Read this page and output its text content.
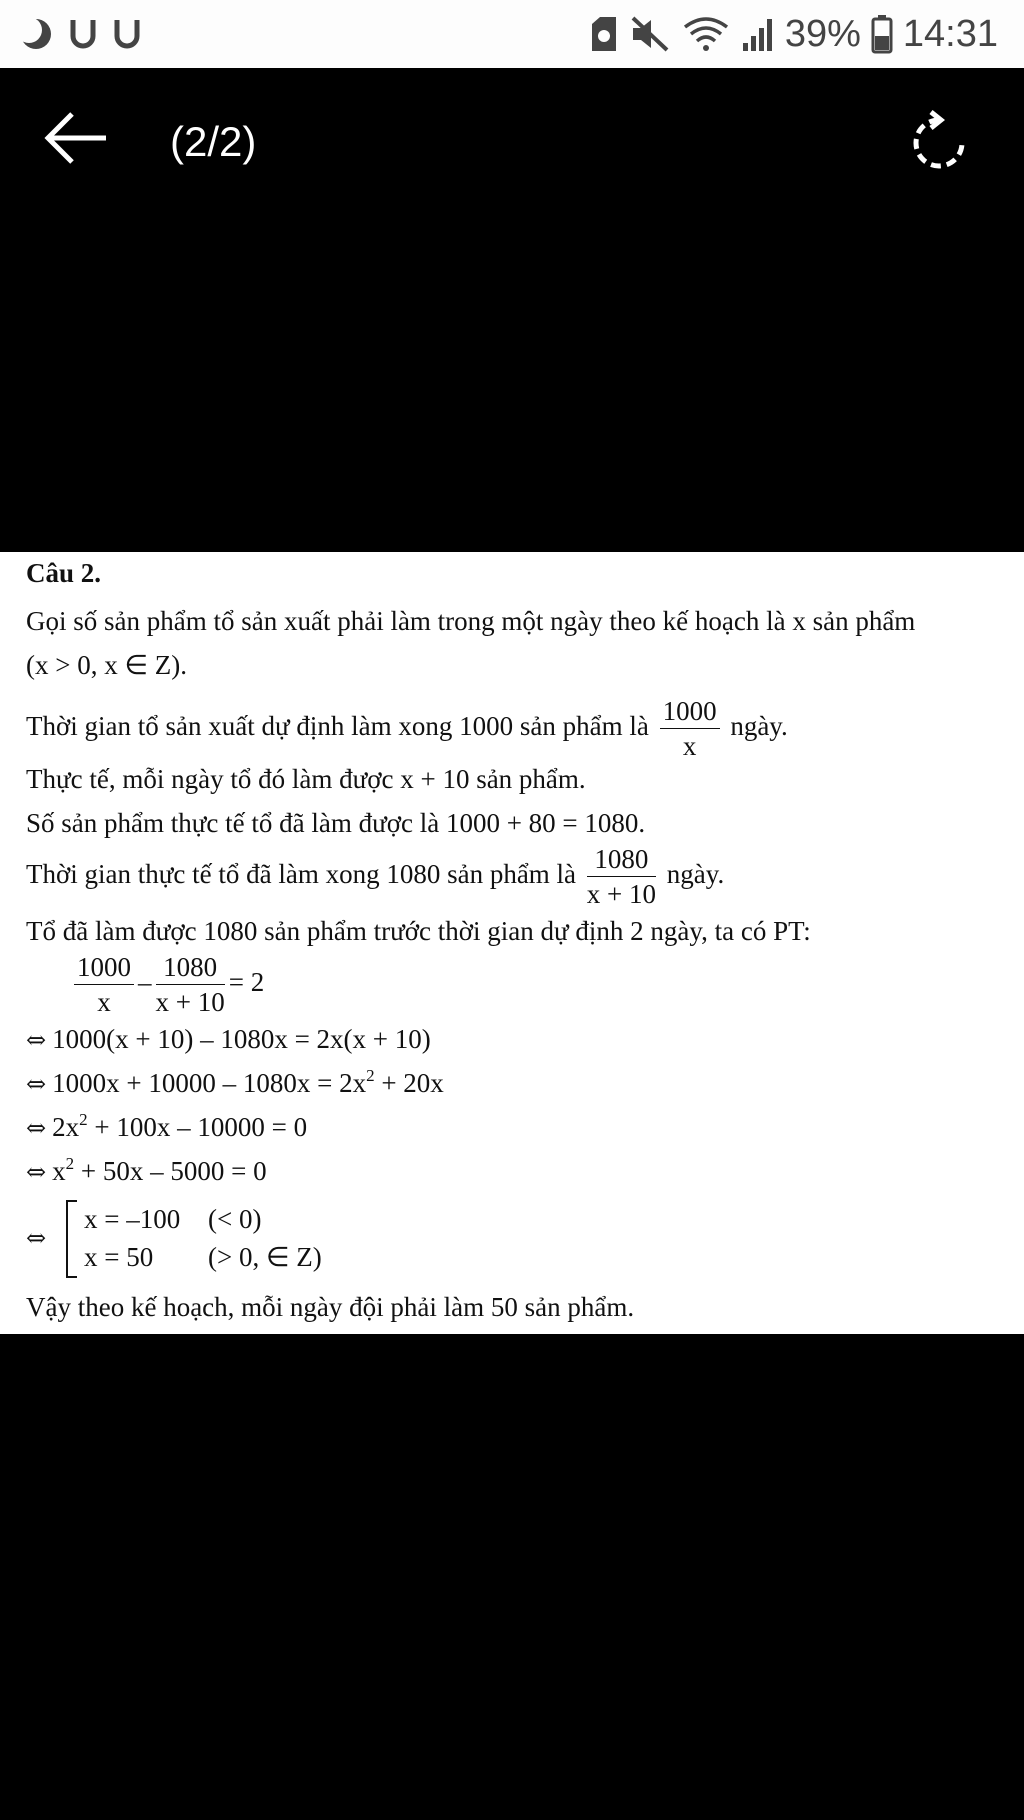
39% 14:31
(2/2)
Câu 2.
Gọi số sản phẩm tổ sản xuất phải làm trong một ngày theo kế hoạch là x sản phẩm
(x > 0, x ∈ Z).
Thời gian tổ sản xuất dự định làm xong 1000 sản phẩm là $\frac{1000}{x}$ ngày.
Thực tế, mỗi ngày tổ đó làm được x + 10 sản phẩm.
Số sản phẩm thực tế tổ đã làm được là 1000 + 80 = 1080.
Thời gian thực tế tổ đã làm xong 1080 sản phẩm là $\frac{1080}{x + 10}$ ngày.
Tổ đã làm được 1080 sản phẩm trước thời gian dự định 2 ngày, ta có PT:
$\frac{1000}{x} - \frac{1080}{x + 10} = 2$
⇔ 1000(x + 10) – 1080x = 2x(x + 10)
⇔ $1000x + 10000 - 1080x = 2x^2 + 20x$
⇔ $2x^2 + 100x - 10000 = 0$
⇔ $x^2 + 50x - 5000 = 0$
⇔
x = –100 (< 0)
x = 50 (> 0, ∈ Z)
Vậy theo kế hoạch, mỗi ngày đội phải làm 50 sản phẩm.
